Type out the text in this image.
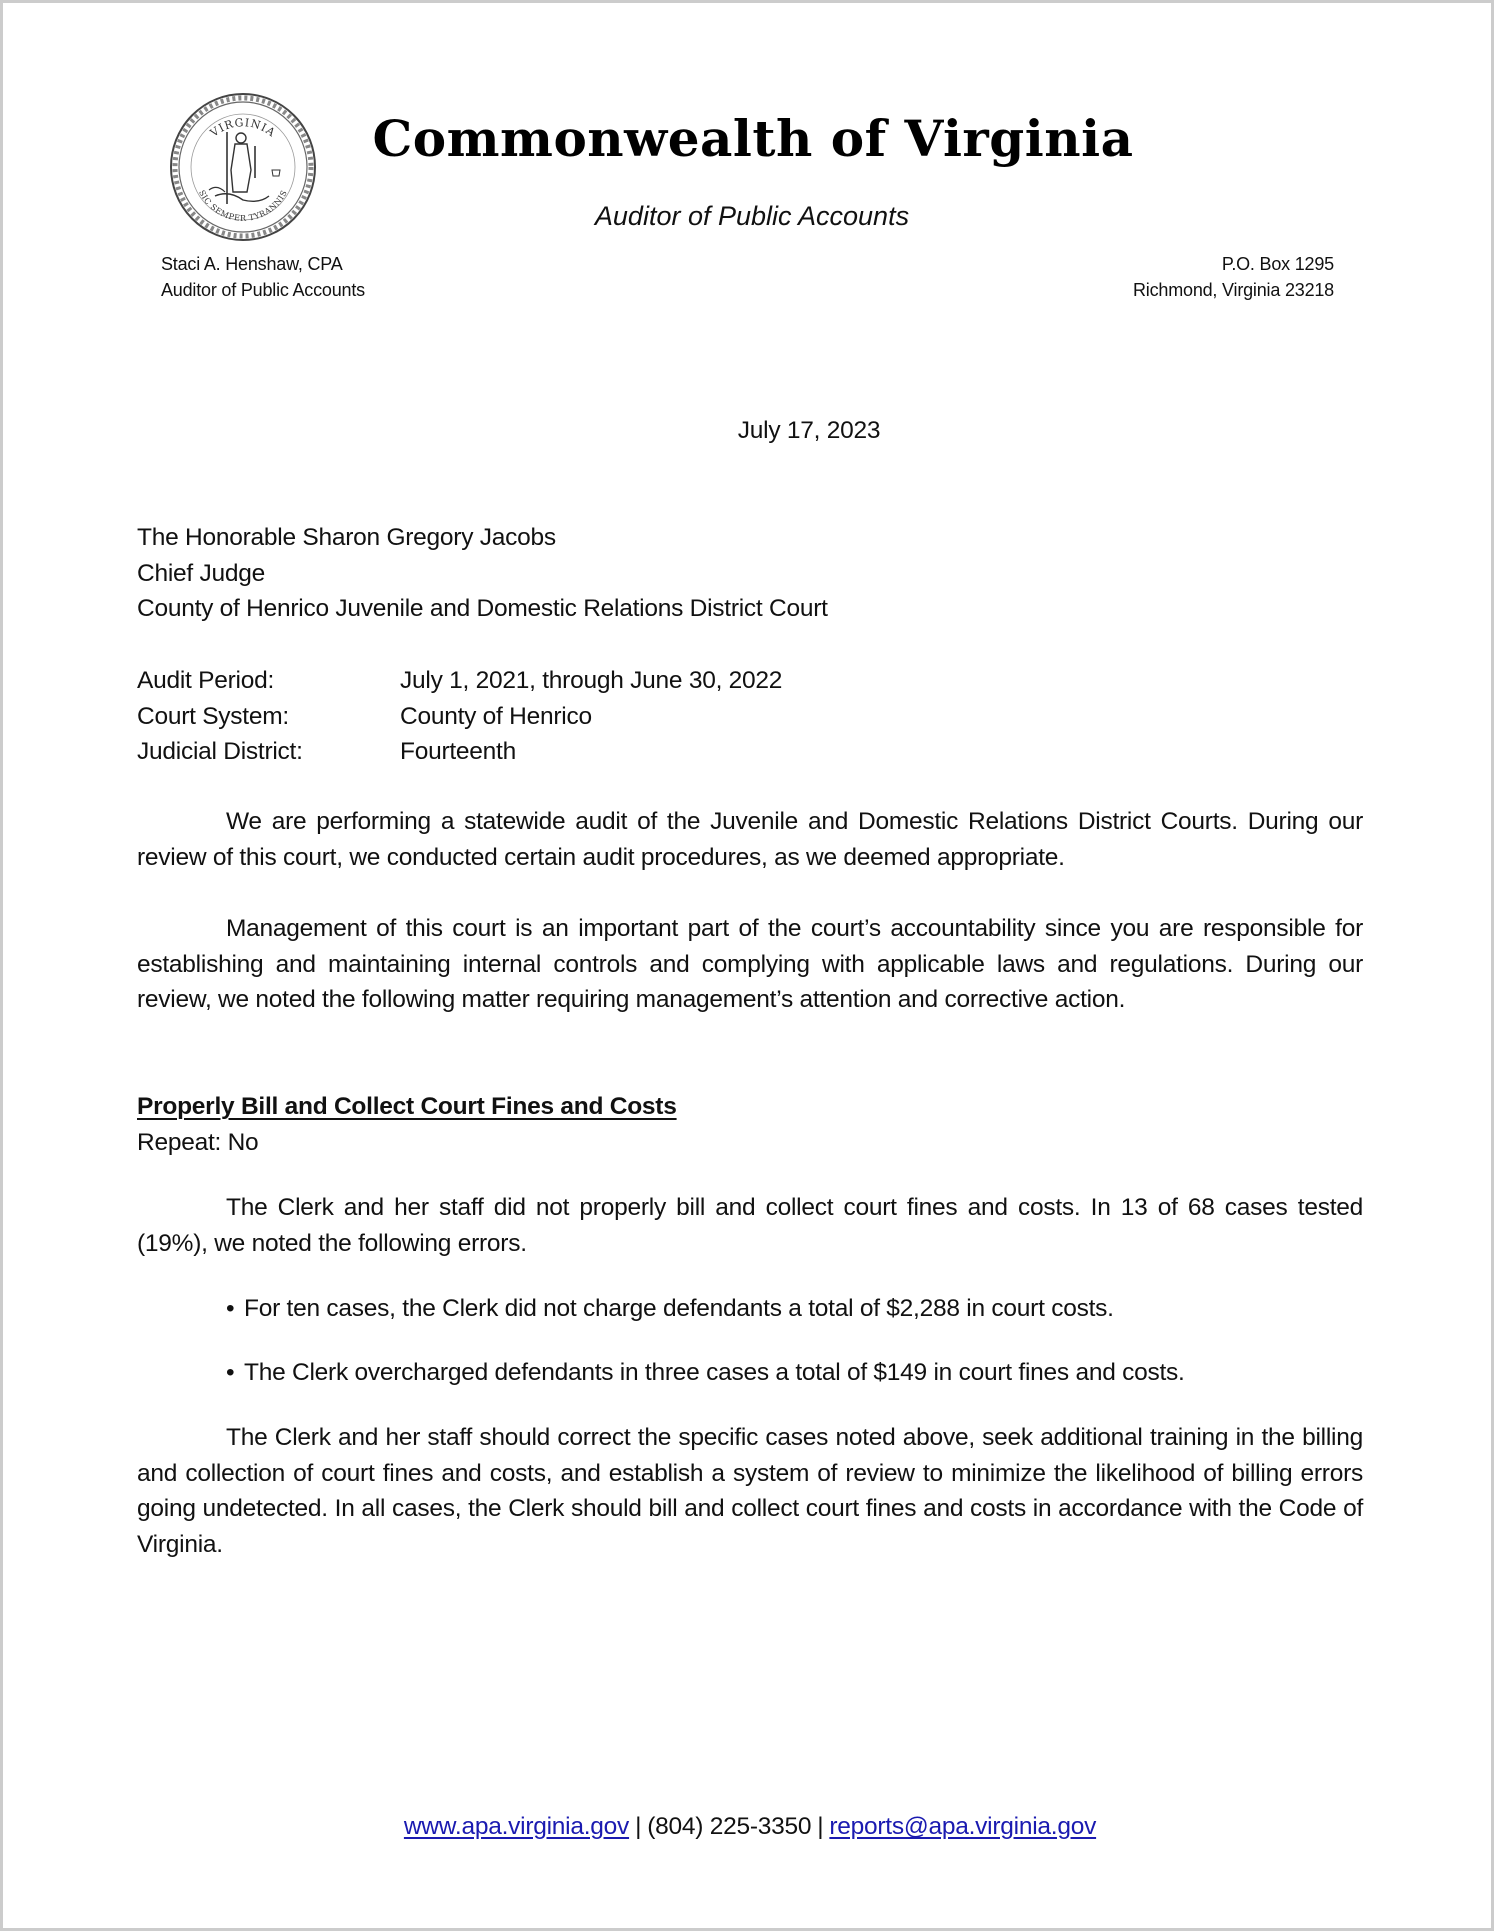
VIRGINIA
SIC SEMPER TYRANNIS
Commonwealth of Virginia
Auditor of Public Accounts
Staci A. Henshaw, CPA
Auditor of Public Accounts
P.O. Box 1295
Richmond, Virginia 23218
July 17, 2023
The Honorable Sharon Gregory Jacobs
Chief Judge
County of Henrico Juvenile and Domestic Relations District Court
Audit Period:	July 1, 2021, through June 30, 2022
Court System:	County of Henrico
Judicial District:	Fourteenth
We are performing a statewide audit of the Juvenile and Domestic Relations District Courts. During our review of this court, we conducted certain audit procedures, as we deemed appropriate.
Management of this court is an important part of the court’s accountability since you are responsible for establishing and maintaining internal controls and complying with applicable laws and regulations. During our review, we noted the following matter requiring management’s attention and corrective action.
Properly Bill and Collect Court Fines and Costs
Repeat: No
The Clerk and her staff did not properly bill and collect court fines and costs. In 13 of 68 cases tested (19%), we noted the following errors.
• For ten cases, the Clerk did not charge defendants a total of $2,288 in court costs.
• The Clerk overcharged defendants in three cases a total of $149 in court fines and costs.
The Clerk and her staff should correct the specific cases noted above, seek additional training in the billing and collection of court fines and costs, and establish a system of review to minimize the likelihood of billing errors going undetected. In all cases, the Clerk should bill and collect court fines and costs in accordance with the Code of Virginia.
www.apa.virginia.gov | (804) 225-3350 | reports@apa.virginia.gov
